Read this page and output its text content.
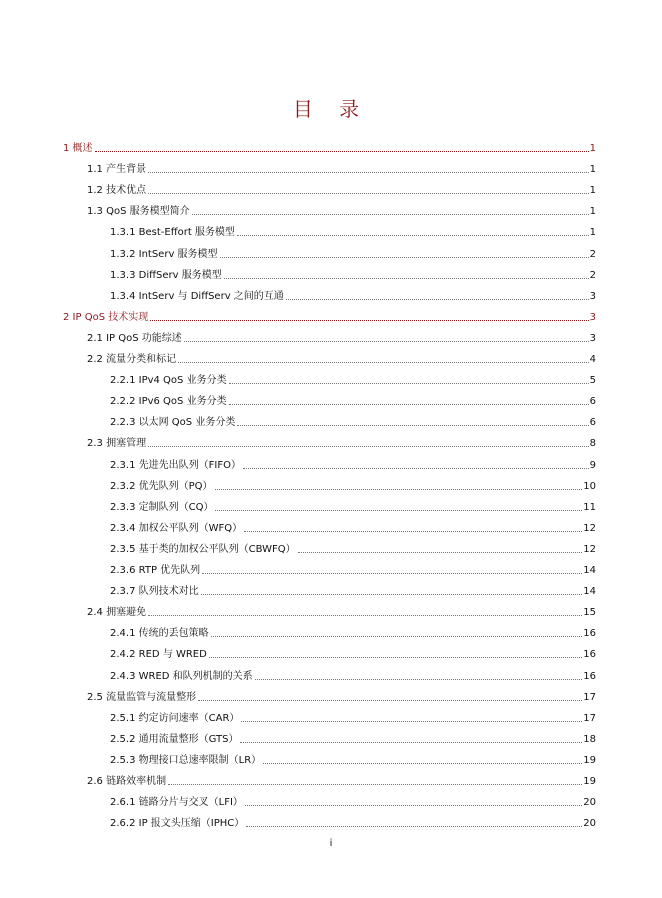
目 录
1 概述	1
1.1 产生背景	1
1.2 技术优点	1
1.3 QoS 服务模型简介	1
1.3.1 Best-Effort 服务模型	1
1.3.2 IntServ 服务模型	2
1.3.3 DiffServ 服务模型	2
1.3.4 IntServ 与 DiffServ 之间的互通	3
2 IP QoS 技术实现	3
2.1 IP QoS 功能综述	3
2.2 流量分类和标记	4
2.2.1 IPv4 QoS 业务分类	5
2.2.2 IPv6 QoS 业务分类	6
2.2.3 以太网 QoS 业务分类	6
2.3 拥塞管理	8
2.3.1 先进先出队列（FIFO）	9
2.3.2 优先队列（PQ）	10
2.3.3 定制队列（CQ）	11
2.3.4 加权公平队列（WFQ）	12
2.3.5 基于类的加权公平队列（CBWFQ）	12
2.3.6 RTP 优先队列	14
2.3.7 队列技术对比	14
2.4 拥塞避免	15
2.4.1 传统的丢包策略	16
2.4.2 RED 与 WRED	16
2.4.3 WRED 和队列机制的关系	16
2.5 流量监管与流量整形	17
2.5.1 约定访问速率（CAR）	17
2.5.2 通用流量整形（GTS）	18
2.5.3 物理接口总速率限制（LR）	19
2.6 链路效率机制	19
2.6.1 链路分片与交叉（LFI）	20
2.6.2 IP 报文头压缩（IPHC）	20
i
